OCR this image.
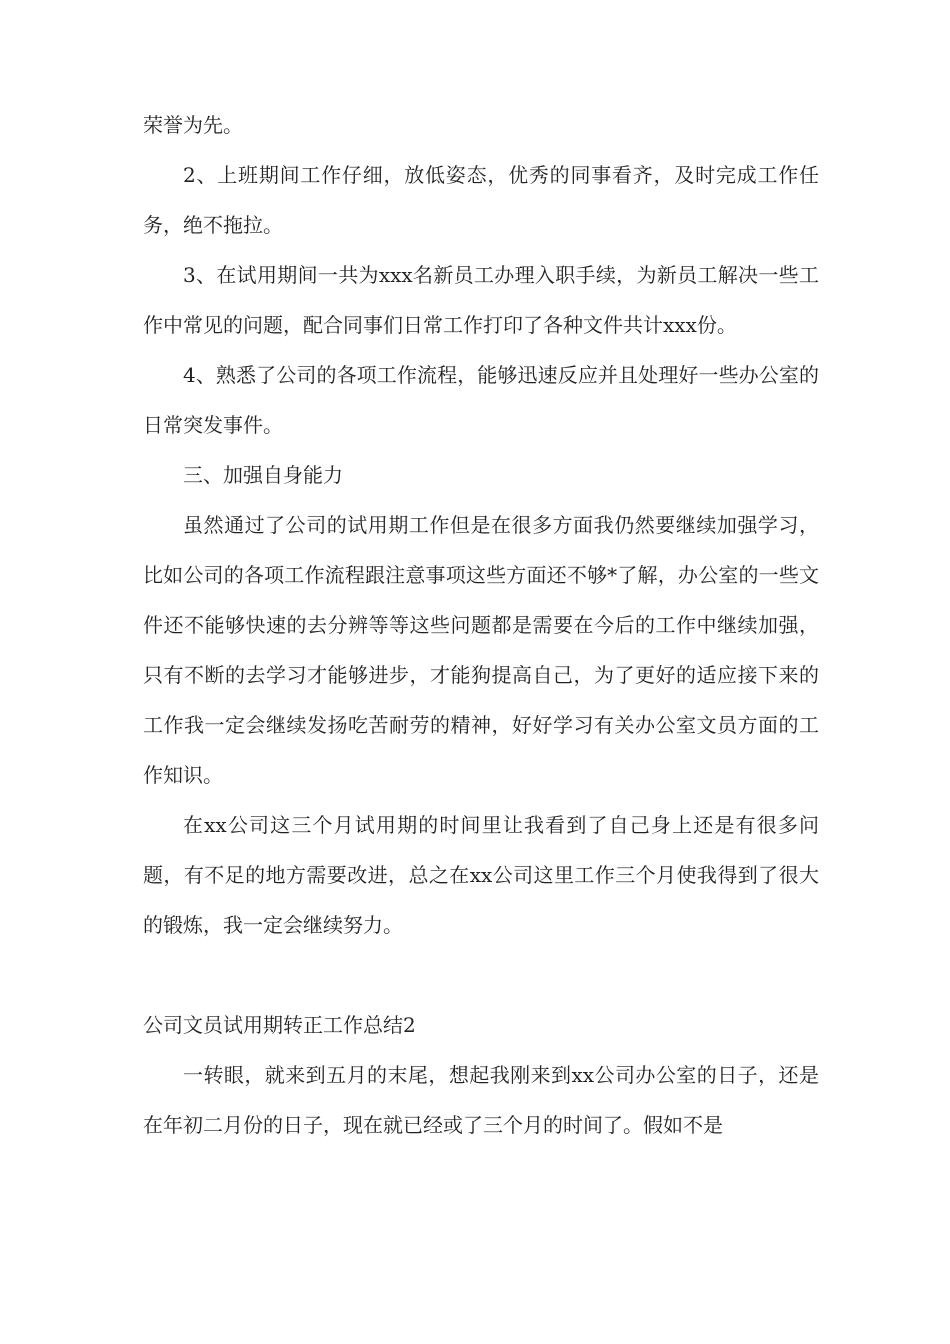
荣誉为先。

2、上班期间工作仔细，放低姿态，优秀的同事看齐，及时完成工作任务，绝不拖拉。

3、在试用期间一共为xxx名新员工办理入职手续，为新员工解决一些工作中常见的问题，配合同事们日常工作打印了各种文件共计xxx份。

4、熟悉了公司的各项工作流程，能够迅速反应并且处理好一些办公室的日常突发事件。

三、加强自身能力

虽然通过了公司的试用期工作但是在很多方面我仍然要继续加强学习，比如公司的各项工作流程跟注意事项这些方面还不够*了解，办公室的一些文件还不能够快速的去分辨等等这些问题都是需要在今后的工作中继续加强，只有不断的去学习才能够进步，才能狗提高自己，为了更好的适应接下来的工作我一定会继续发扬吃苦耐劳的精神，好好学习有关办公室文员方面的工作知识。

在xx公司这三个月试用期的时间里让我看到了自己身上还是有很多问题，有不足的地方需要改进，总之在xx公司这里工作三个月使我得到了很大的锻炼，我一定会继续努力。

公司文员试用期转正工作总结2

一转眼，就来到五月的末尾，想起我刚来到xx公司办公室的日子，还是在年初二月份的日子，现在就已经或了三个月的时间了。假如不是
